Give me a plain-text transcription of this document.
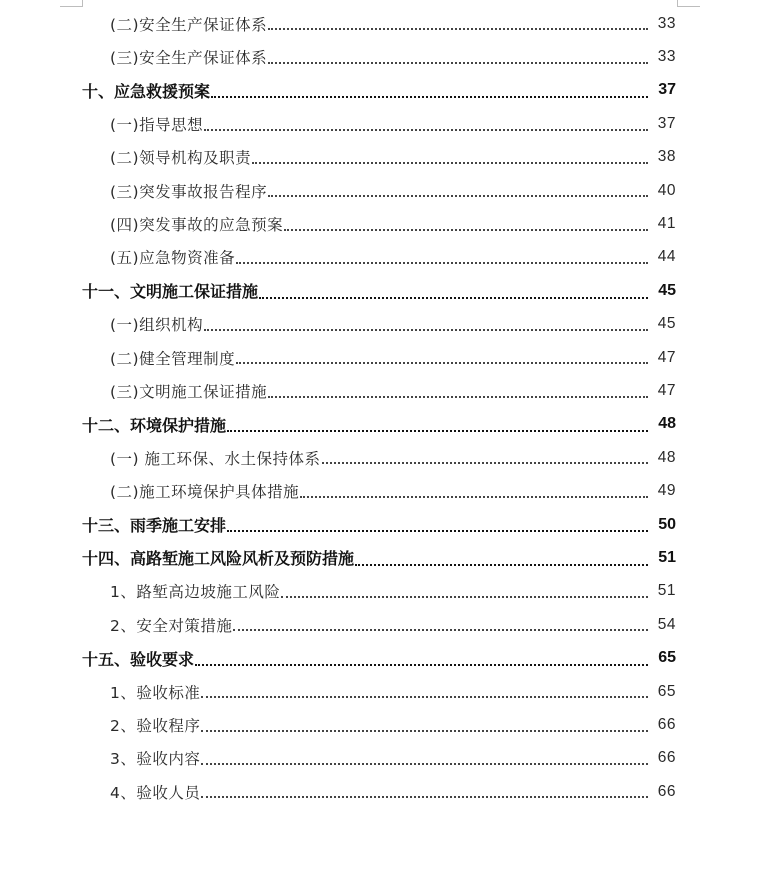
(二)安全生产保证体系	33
(三)安全生产保证体系	33
十、应急救援预案	37
(一)指导思想	37
(二)领导机构及职责	38
(三)突发事故报告程序	40
(四)突发事故的应急预案	41
(五)应急物资准备	44
十一、文明施工保证措施	45
(一)组织机构	45
(二)健全管理制度	47
(三)文明施工保证措施	47
十二、环境保护措施	48
(一) 施工环保、水土保持体系	48
(二)施工环境保护具体措施	49
十三、雨季施工安排	50
十四、高路堑施工风险风析及预防措施	51
1、路堑高边坡施工风险	51
2、安全对策措施	54
十五、验收要求	65
1、验收标准	65
2、验收程序	66
3、验收内容	66
4、验收人员	66
